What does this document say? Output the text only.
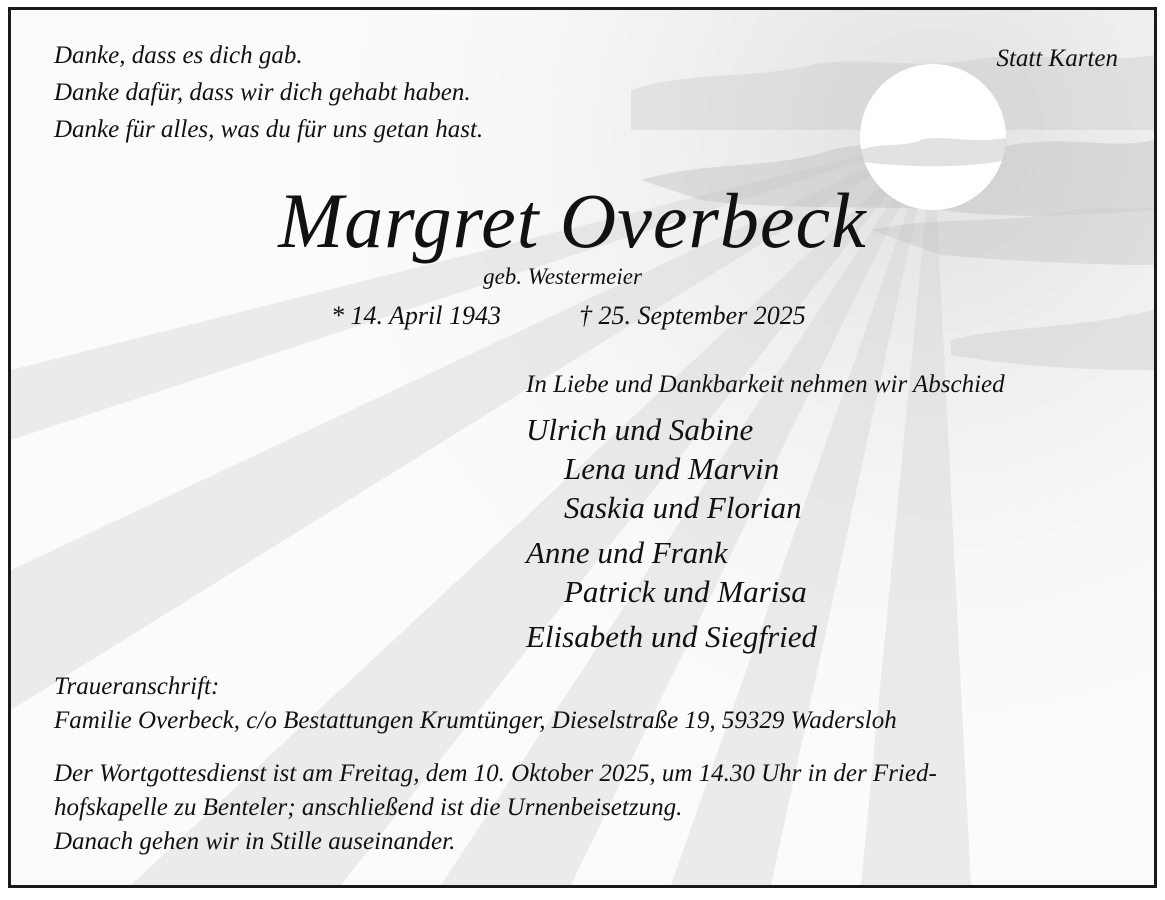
Danke, dass es dich gab.
Danke dafür, dass wir dich gehabt haben.
Danke für alles, was du für uns getan hast.
Statt Karten
Margret Overbeck
geb. Westermeier
* 14. April 1943	† 25. September 2025
In Liebe und Dankbarkeit nehmen wir Abschied
Ulrich und Sabine
Lena und Marvin
Saskia und Florian
Anne und Frank
Patrick und Marisa
Elisabeth und Siegfried
Traueranschrift:
Familie Overbeck, c/o Bestattungen Krumtünger, Dieselstraße 19, 59329 Wadersloh
Der Wortgottesdienst ist am Freitag, dem 10. Oktober 2025, um 14.30 Uhr in der Fried-
hofskapelle zu Benteler; anschließend ist die Urnenbeisetzung.
Danach gehen wir in Stille auseinander.
